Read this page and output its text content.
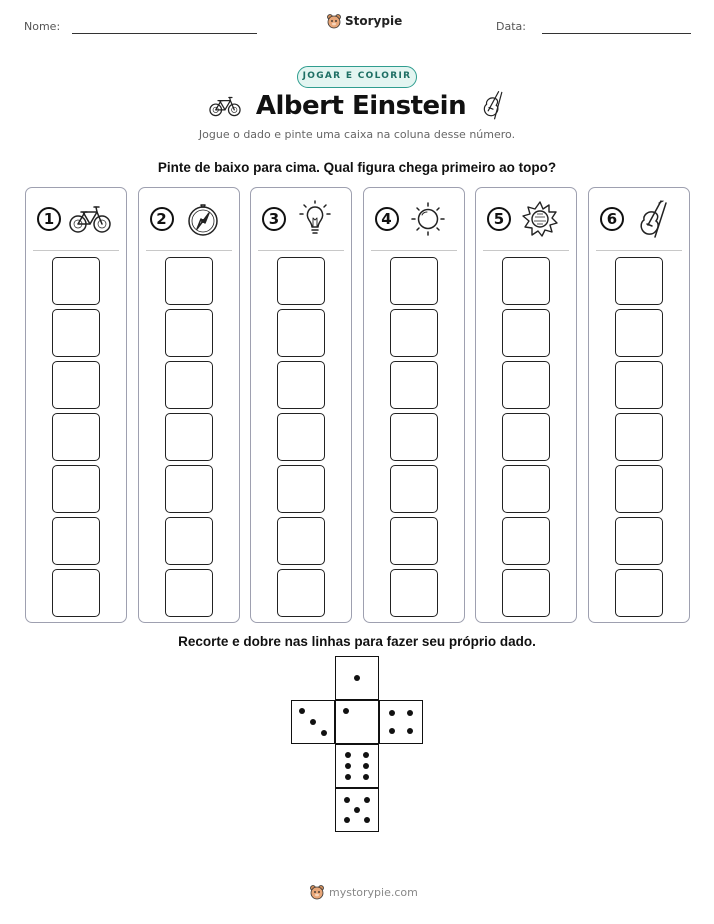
Nome:	Storypie	Data:
JOGAR E COLORIR
Albert Einstein
Jogue o dado e pinte uma caixa na coluna desse número.
Pinte de baixo para cima. Qual figura chega primeiro ao topo?
1	2	3	4	5	6
Recorte e dobre nas linhas para fazer seu próprio dado.
mystorypie.com
